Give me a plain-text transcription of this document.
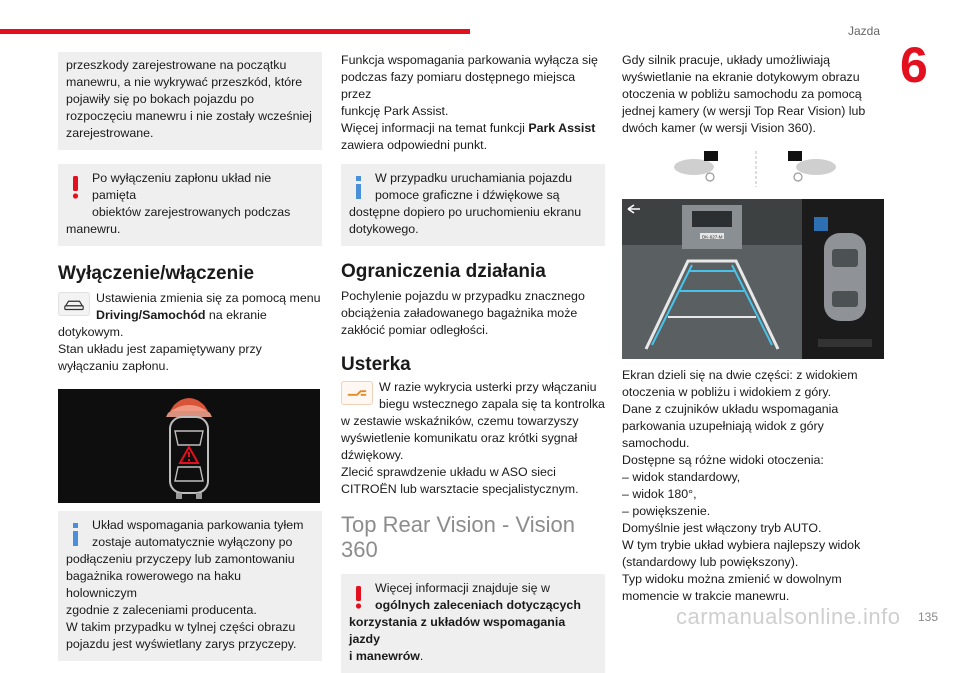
Jazda
6
carmanualsonline.info 135
przeszkody zarejestrowane na początku
manewru, a nie wykrywać przeszkód, które
pojawiły się po bokach pojazdu po
rozpoczęciu manewru i nie zostały wcześniej
zarejestrowane.
Po wyłączeniu zapłonu układ nie pamięta
obiektów zarejestrowanych podczas
manewru.
Wyłączenie/włączenie
Ustawienia zmienia się za pomocą menu
Driving/Samochód na ekranie
dotykowym.
Stan układu jest zapamiętywany przy wyłączaniu zapłonu.
Układ wspomagania parkowania tyłem
zostaje automatycznie wyłączony po
podłączeniu przyczepy lub zamontowaniu
bagażnika rowerowego na haku holowniczym
zgodnie z zaleceniami producenta.
W takim przypadku w tylnej części obrazu
pojazdu jest wyświetlany zarys przyczepy.
Funkcja wspomagania parkowania wyłącza się
podczas fazy pomiaru dostępnego miejsca przez
funkcję Park Assist.
Więcej informacji na temat funkcji Park Assist
zawiera odpowiedni punkt.
W przypadku uruchamiania pojazdu
pomoce graficzne i dźwiękowe są
dostępne dopiero po uruchomieniu ekranu
dotykowego.
Ograniczenia działania
Pochylenie pojazdu w przypadku znacznego
obciążenia załadowanego bagażnika może
zakłócić pomiar odległości.
Usterka
W razie wykrycia usterki przy włączaniu
biegu wstecznego zapala się ta kontrolka
w zestawie wskaźników, czemu towarzyszy
wyświetlenie komunikatu oraz krótki sygnał
dźwiękowy.
Zlecić sprawdzenie układu w ASO sieci
CITROËN lub warsztacie specjalistycznym.
Top Rear Vision - Vision
360
Więcej informacji znajduje się w
ogólnych zaleceniach dotyczących
korzystania z układów wspomagania jazdy
i manewrów.
Gdy silnik pracuje, układy umożliwiają
wyświetlanie na ekranie dotykowym obrazu
otoczenia w pobliżu samochodu za pomocą
jednej kamery (w wersji Top Rear Vision) lub
dwóch kamer (w wersji Vision 360).
DK-627-M
Ekran dzieli się na dwie części: z widokiem
otoczenia w pobliżu i widokiem z góry.
Dane z czujników układu wspomagania
parkowania uzupełniają widok z góry
samochodu.
Dostępne są różne widoki otoczenia:
– widok standardowy,
– widok 180°,
– powiększenie.
Domyślnie jest włączony tryb AUTO.
W tym trybie układ wybiera najlepszy widok
(standardowy lub powiększony).
Typ widoku można zmienić w dowolnym
momencie w trakcie manewru.
